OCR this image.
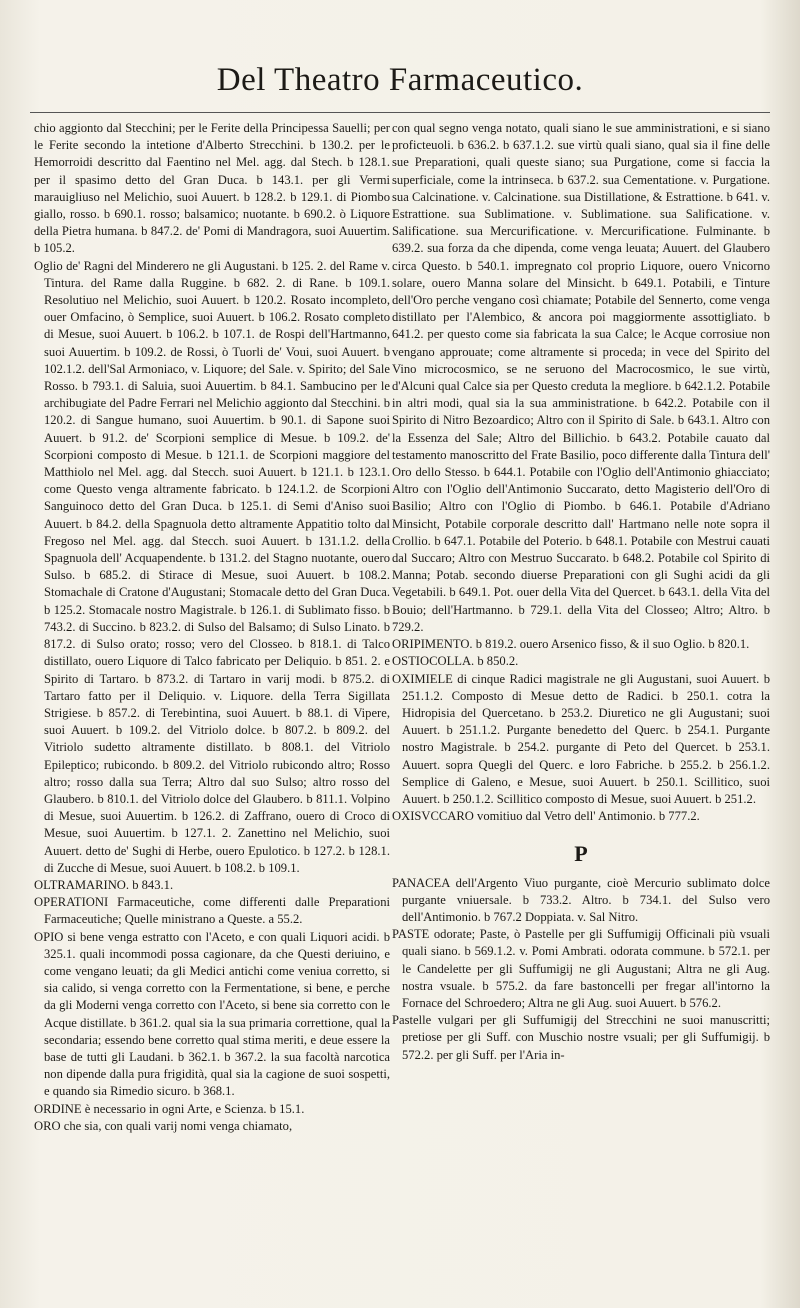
Del Theatro Farmaceutico.

chio aggionto dal Stecchini; per le Ferite della Principessa Sauelli; per le Ferite secondo la intetione d'Alberto Strecchini. b 130.2. per le Hemorroidi descritto dal Faentino nel Mel. agg. dal Stech. b 128.1. per il spasimo detto del Gran Duca. b 143.1. per gli Vermi marauigliuso nel Melichio, suoi Auuert. b 128.2. b 129.1. di Piombo giallo, rosso. b 690.1. rosso; balsamico; nuotante. b 690.2. ò Liquore della Pietra humana. b 847.2. de' Pomi di Mandragora, suoi Auuertim. b 105.2.

Oglio de' Ragni del Minderero ne gli Augustani. b 125. 2. del Rame v. Tintura. del Rame dalla Ruggine. b 682. 2. di Rane. b 109.1. Resolutiuo nel Melichio, suoi Auuert. b 120.2. Rosato incompleto, ouer Omfacino, ò Semplice, suoi Auuert. b 106.2. Rosato completo di Mesue, suoi Auuert. b 106.2. b 107.1. de Rospi dell'Hartmanno, suoi Auuertim. b 109.2. de Rossi, ò Tuorli de' Voui, suoi Auuert. b 102.1.2. dell'Sal Armoniaco, v. Liquore; del Sale. v. Spirito; del Sale Rosso. b 793.1. di Saluia, suoi Auuertim. b 84.1. Sambucino per le archibugiate del Padre Ferrari nel Melichio aggionto dal Stecchini. b 120.2. di Sangue humano, suoi Auuertim. b 90.1. di Sapone suoi Auuert. b 91.2. de' Scorpioni semplice di Mesue. b 109.2. de' Scorpioni composto di Mesue. b 121.1. de Scorpioni maggiore del Matthiolo nel Mel. agg. dal Stecch. suoi Auuert. b 121.1. b 123.1. come Questo venga altramente fabricato. b 124.1.2. de Scorpioni Sanguinoco detto del Gran Duca. b 125.1. di Semi d'Aniso suoi Auuert. b 84.2. della Spagnuola detto altramente Appatitio tolto dal Fregoso nel Mel. agg. dal Stecch. suoi Auuert. b 131.1.2. della Spagnuola dell' Acquapendente. b 131.2. del Stagno nuotante, ouero Sulso. b 685.2. di Stirace di Mesue, suoi Auuert. b 108.2. Stomachale di Cratone d'Augustani; Stomacale detto del Gran Duca. b 125.2. Stomacale nostro Magistrale. b 126.1. di Sublimato fisso. b 743.2. di Succino. b 823.2. di Sulso del Balsamo; di Sulso Linato. b 817.2. di Sulso orato; rosso; vero del Closseo. b 818.1. di Talco distillato, ouero Liquore di Talco fabricato per Deliquio. b 851. 2. e Spirito di Tartaro. b 873.2. di Tartaro in varij modi. b 875.2. di Tartaro fatto per il Deliquio. v. Liquore. della Terra Sigillata Strigiese. b 857.2. di Terebintina, suoi Auuert. b 88.1. di Vipere, suoi Auuert. b 109.2. del Vitriolo dolce. b 807.2. b 809.2. del Vitriolo sudetto altramente distillato. b 808.1. del Vitriolo Epileptico; rubicondo. b 809.2. del Vitriolo rubicondo altro; Rosso altro; rosso dalla sua Terra; Altro dal suo Sulso; altro rosso del Glaubero. b 810.1. del Vitriolo dolce del Glaubero. b 811.1. Volpino di Mesue, suoi Auuertim. b 126.2. di Zaffrano, ouero di Croco di Mesue, suoi Auuertim. b 127.1. 2. Zanettino nel Melichio, suoi Auuert. detto de' Sughi di Herbe, ouero Epulotico. b 127.2. b 128.1. di Zucche di Mesue, suoi Auuert. b 108.2. b 109.1.

OLTRAMARINO. b 843.1.

OPERATIONI Farmaceutiche, come differenti dalle Preparationi Farmaceutiche; Quelle ministrano a Queste. a 55.2.

OPIO si bene venga estratto con l'Aceto, e con quali Liquori acidi. b 325.1. quali incommodi possa cagionare, da che Questi deriuino, e come vengano leuati; da gli Medici antichi come veniua corretto, si sia calido, si venga corretto con la Fermentatione, si bene, e perche da gli Moderni venga corretto con l'Aceto, si bene sia corretto con le Acque distillate. b 361.2. qual sia la sua primaria correttione, qual la secondaria; essendo bene corretto qual stima meriti, e deue essere la base de tutti gli Laudani. b 362.1. b 367.2. la sua facoltà narcotica non dipende dalla pura frigidità, qual sia la cagione de suoi sospetti, e quando sia Rimedio sicuro. b 368.1.

ORDINE è necessario in ogni Arte, e Scienza. b 15.1.

ORO che sia, con quali varij nomi venga chiamato,

con qual segno venga notato, quali siano le sue amministrationi, e si siano proficteuoli. b 636.2. b 637.1.2. sue virtù quali siano, qual sia il fine delle sue Preparationi, quali queste siano; sua Purgatione, come si faccia la superficiale, come la intrinseca. b 637.2. sua Cementatione. v. Purgatione. sua Calcinatione. v. Calcinatione. sua Distillatione, & Estrattione. b 641. v. Estrattione. sua Sublimatione. v. Sublimatione. sua Salificatione. v. Salificatione. sua Mercurificatione. v. Mercurificatione. Fulminante. b 639.2. sua forza da che dipenda, come venga leuata; Auuert. del Glaubero circa Questo. b 540.1. impregnato col proprio Liquore, ouero Vnicorno solare, ouero Manna solare del Minsicht. b 649.1. Potabili, e Tinture dell'Oro perche vengano così chiamate; Potabile del Sennerto, come venga distillato per l'Alembico, & ancora poi maggiormente assottigliato. b 641.2. per questo come sia fabricata la sua Calce; le Acque corrosiue non vengano approuate; come altramente si proceda; in vece del Spirito del Vino microcosmico, se ne seruono del Macrocosmico, le sue virtù, d'Alcuni qual Calce sia per Questo creduta la megliore. b 642.1.2. Potabile in altri modi, qual sia la sua amministratione. b 642.2. Potabile con il Spirito di Nitro Bezoardico; Altro con il Spirito di Sale. b 643.1. Altro con la Essenza del Sale; Altro del Billichio. b 643.2. Potabile cauato dal testamento manoscritto del Frate Basilio, poco differente dalla Tintura dell' Oro dello Stesso. b 644.1. Potabile con l'Oglio dell'Antimonio ghiacciato; Altro con l'Oglio dell'Antimonio Succarato, detto Magisterio dell'Oro di Basilio; Altro con l'Oglio di Piombo. b 646.1. Potabile d'Adriano Minsicht, Potabile corporale descritto dall' Hartmano nelle note sopra il Crollio. b 647.1. Potabile del Poterio. b 648.1. Potabile con Mestrui cauati dal Succaro; Altro con Mestruo Succarato. b 648.2. Potabile col Spirito di Manna; Potab. secondo diuerse Preparationi con gli Sughi acidi da gli Vegetabili. b 649.1. Pot. ouer della Vita del Quercet. b 643.1. della Vita del Bouio; dell'Hartmanno. b 729.1. della Vita del Closseo; Altro; Altro. b 729.2.

ORIPIMENTO. b 819.2. ouero Arsenico fisso, & il suo Oglio. b 820.1.

OSTIOCOLLA. b 850.2.

OXIMIELE di cinque Radici magistrale ne gli Augustani, suoi Auuert. b 251.1.2. Composto di Mesue detto de Radici. b 250.1. cotra la Hidropisia del Quercetano. b 253.2. Diuretico ne gli Augustani; suoi Auuert. b 251.1.2. Purgante benedetto del Querc. b 254.1. Purgante nostro Magistrale. b 254.2. purgante di Peto del Quercet. b 253.1. Auuert. sopra Quegli del Querc. e loro Fabriche. b 255.2. b 256.1.2. Semplice di Galeno, e Mesue, suoi Auuert. b 250.1. Scillitico, suoi Auuert. b 250.1.2. Scillitico composto di Mesue, suoi Auuert. b 251.2.

OXISVCCARO vomitiuo dal Vetro dell' Antimonio. b 777.2.

P

PANACEA dell'Argento Viuo purgante, cioè Mercurio sublimato dolce purgante vniuersale. b 733.2. Altro. b 734.1. del Sulso vero dell'Antimonio. b 767.2 Doppiata. v. Sal Nitro.

PASTE odorate; Paste, ò Pastelle per gli Suffumigij Officinali più vsuali quali siano. b 569.1.2. v. Pomi Ambrati. odorata commune. b 572.1. per le Candelette per gli Suffumigij ne gli Augustani; Altra ne gli Aug. nostra vsuale. b 575.2. da fare bastoncelli per fregar all'intorno la Fornace del Schroedero; Altra ne gli Aug. suoi Auuert. b 576.2.

Pastelle vulgari per gli Suffumigij del Strecchini ne suoi manuscritti; pretiose per gli Suff. con Muschio nostre vsuali; per gli Suffumigij. b 572.2. per gli Suff. per l'Aria in-
